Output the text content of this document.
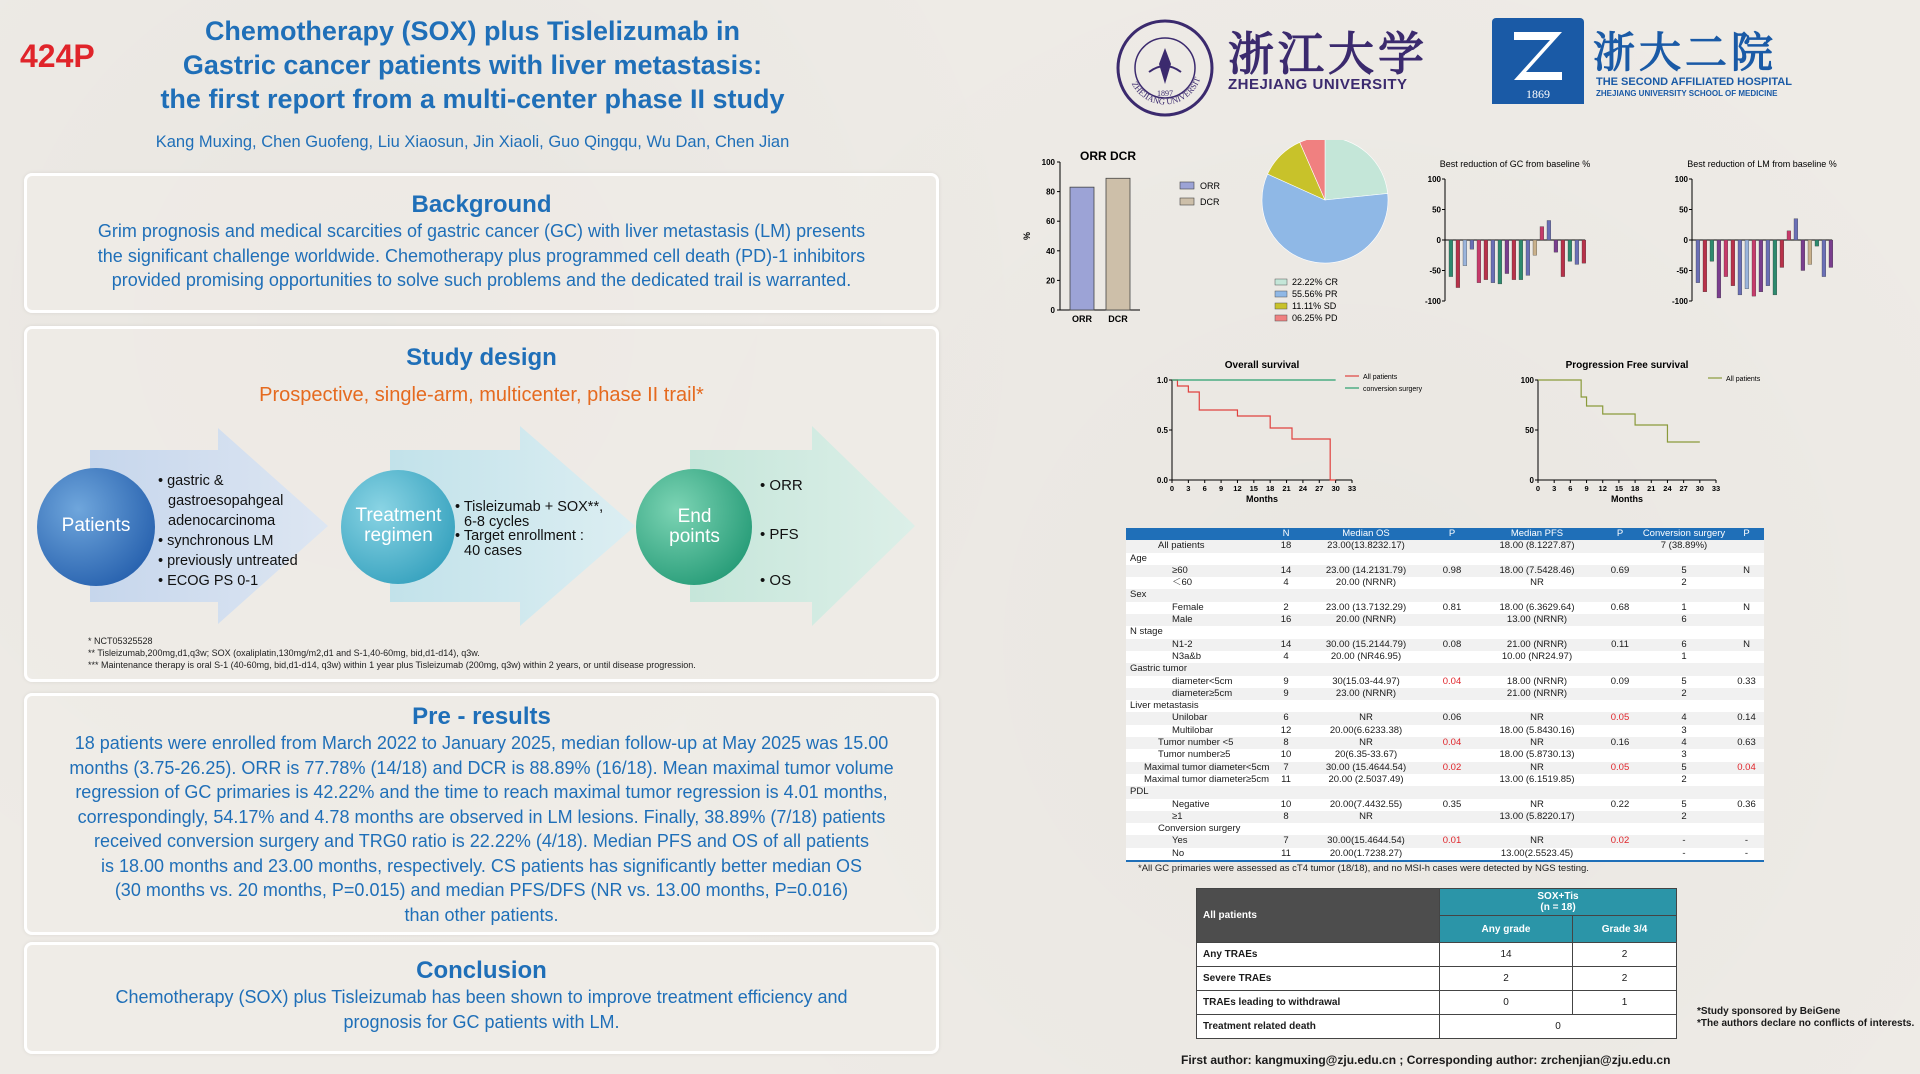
424P
Chemotherapy (SOX) plus Tislelizumab in
Gastric cancer patients with liver metastasis:
the first report from a multi-center phase II study
Kang Muxing, Chen Guofeng, Liu Xiaosun, Jin Xiaoli, Guo Qingqu, Wu Dan, Chen Jian
ZHEJIANG UNIVERSIT
1897
浙江大学
ZHEJIANG UNIVERSITY
1869
浙大二院
THE SECOND AFFILIATED HOSPITAL
ZHEJIANG UNIVERSITY SCHOOL OF MEDICINE
Background
Grim prognosis and medical scarcities of gastric cancer (GC) with liver metastasis (LM) presents
the significant challenge worldwide. Chemotherapy plus programmed cell death (PD)-1 inhibitors
provided promising opportunities to solve such problems and the dedicated trail is warranted.
Study design
Prospective, single-arm, multicenter, phase II trail*
Patients
• gastric &
gastroesopahgeal
adenocarcinoma
• synchronous LM
• previously untreated
• ECOG PS 0-1
Treatment
regimen
• Tisleizumab + SOX**,
6-8 cycles
• Target enrollment :
40 cases
End
points
• ORR
• PFS
• OS
* NCT05325528
** Tisleizumab,200mg,d1,q3w; SOX (oxaliplatin,130mg/m2,d1 and S-1,40-60mg, bid,d1-d14), q3w.
*** Maintenance therapy is oral S-1 (40-60mg, bid,d1-d14, q3w) within 1 year plus Tisleizumab (200mg, q3w) within 2 years, or until disease progression.
Pre - results
18 patients were enrolled from March 2022 to January 2025, median follow-up at May 2025 was 15.00
months (3.75-26.25). ORR is 77.78% (14/18) and DCR is 88.89% (16/18). Mean maximal tumor volume
regression of GC primaries is 42.22% and the time to reach maximal tumor regression is 4.01 months,
correspondingly, 54.17% and 4.78 months are observed in LM lesions. Finally, 38.89% (7/18) patients
received conversion surgery and TRG0 ratio is 22.22% (4/18). Median PFS and OS of all patients
is 18.00 months and 23.00 months, respectively. CS patients has significantly better median OS
(30 months vs. 20 months, P=0.015) and median PFS/DFS (NR vs. 13.00 months, P=0.016)
than other patients.
Conclusion
Chemotherapy (SOX) plus Tisleizumab has been shown to improve treatment efficiency and
prognosis for GC patients with LM.
ORR DCR
%
0
20
40
60
80
100
ORR DCR
ORR
DCR
22.22% CR
55.56% PR
11.11% SD
06.25% PD
Best reduction of GC from baseline %
100
50
0
-50
-100
Best reduction of LM from baseline %
100
50
0
-50
-100
Overall survival
0.0
0.5
1.0
0 3 6 9 12 15 18 21 24 27 30 33
Months
All patients
conversion surgery
Progression Free survival
0
50
100
0 3 6 9 12 15 18 21 24 27 30 33
Months
All patients
	N	Median OS	P	Median PFS	P	Conversion surgery	P
All patients	18	23.00(13.8232.17)		18.00 (8.1227.87)		7 (38.89%)	
Age							
≥60	14	23.00 (14.2131.79)	0.98	18.00 (7.5428.46)	0.69	5	N
＜60	4	20.00 (NRNR)		NR		2	
Sex							
Female	2	23.00 (13.7132.29)	0.81	18.00 (6.3629.64)	0.68	1	N
Male	16	20.00 (NRNR)		13.00 (NRNR)		6	
N stage							
N1-2	14	30.00 (15.2144.79)	0.08	21.00 (NRNR)	0.11	6	N
N3a&b	4	20.00 (NR46.95)		10.00 (NR24.97)		1	
Gastric tumor							
diameter<5cm	9	30(15.03-44.97)	0.04	18.00 (NRNR)	0.09	5	0.33
diameter≥5cm	9	23.00 (NRNR)		21.00 (NRNR)		2	
Liver metastasis							
Unilobar	6	NR	0.06	NR	0.05	4	0.14
Multilobar	12	20.00(6.6233.38)		18.00 (5.8430.16)		3	
Tumor number <5	8	NR	0.04	NR	0.16	4	0.63
Tumor number≥5	10	20(6.35-33.67)		18.00 (5.8730.13)		3	
Maximal tumor diameter<5cm	7	30.00 (15.4644.54)	0.02	NR	0.05	5	0.04
Maximal tumor diameter≥5cm	11	20.00 (2.5037.49)		13.00 (6.1519.85)		2	
PDL							
Negative	10	20.00(7.4432.55)	0.35	NR	0.22	5	0.36
≥1	8	NR		13.00 (5.8220.17)		2	
Conversion surgery							
Yes	7	30.00(15.4644.54)	0.01	NR	0.02	-	-
No	11	20.00(1.7238.27)		13.00(2.5523.45)		-	-
*All GC primaries were assessed as cT4 tumor (18/18), and no MSI-h cases were detected by NGS testing.
All patients	SOX+Tis
(n = 18)	

	Any grade	Grade 3/4
Any TRAEs	14	2
Severe TRAEs	2	2
TRAEs leading to withdrawal	0	1
Treatment related death	0	
*Study sponsored by BeiGene
*The authors declare no conflicts of interests.
First author: kangmuxing@zju.edu.cn ; Corresponding author: zrchenjian@zju.edu.cn
